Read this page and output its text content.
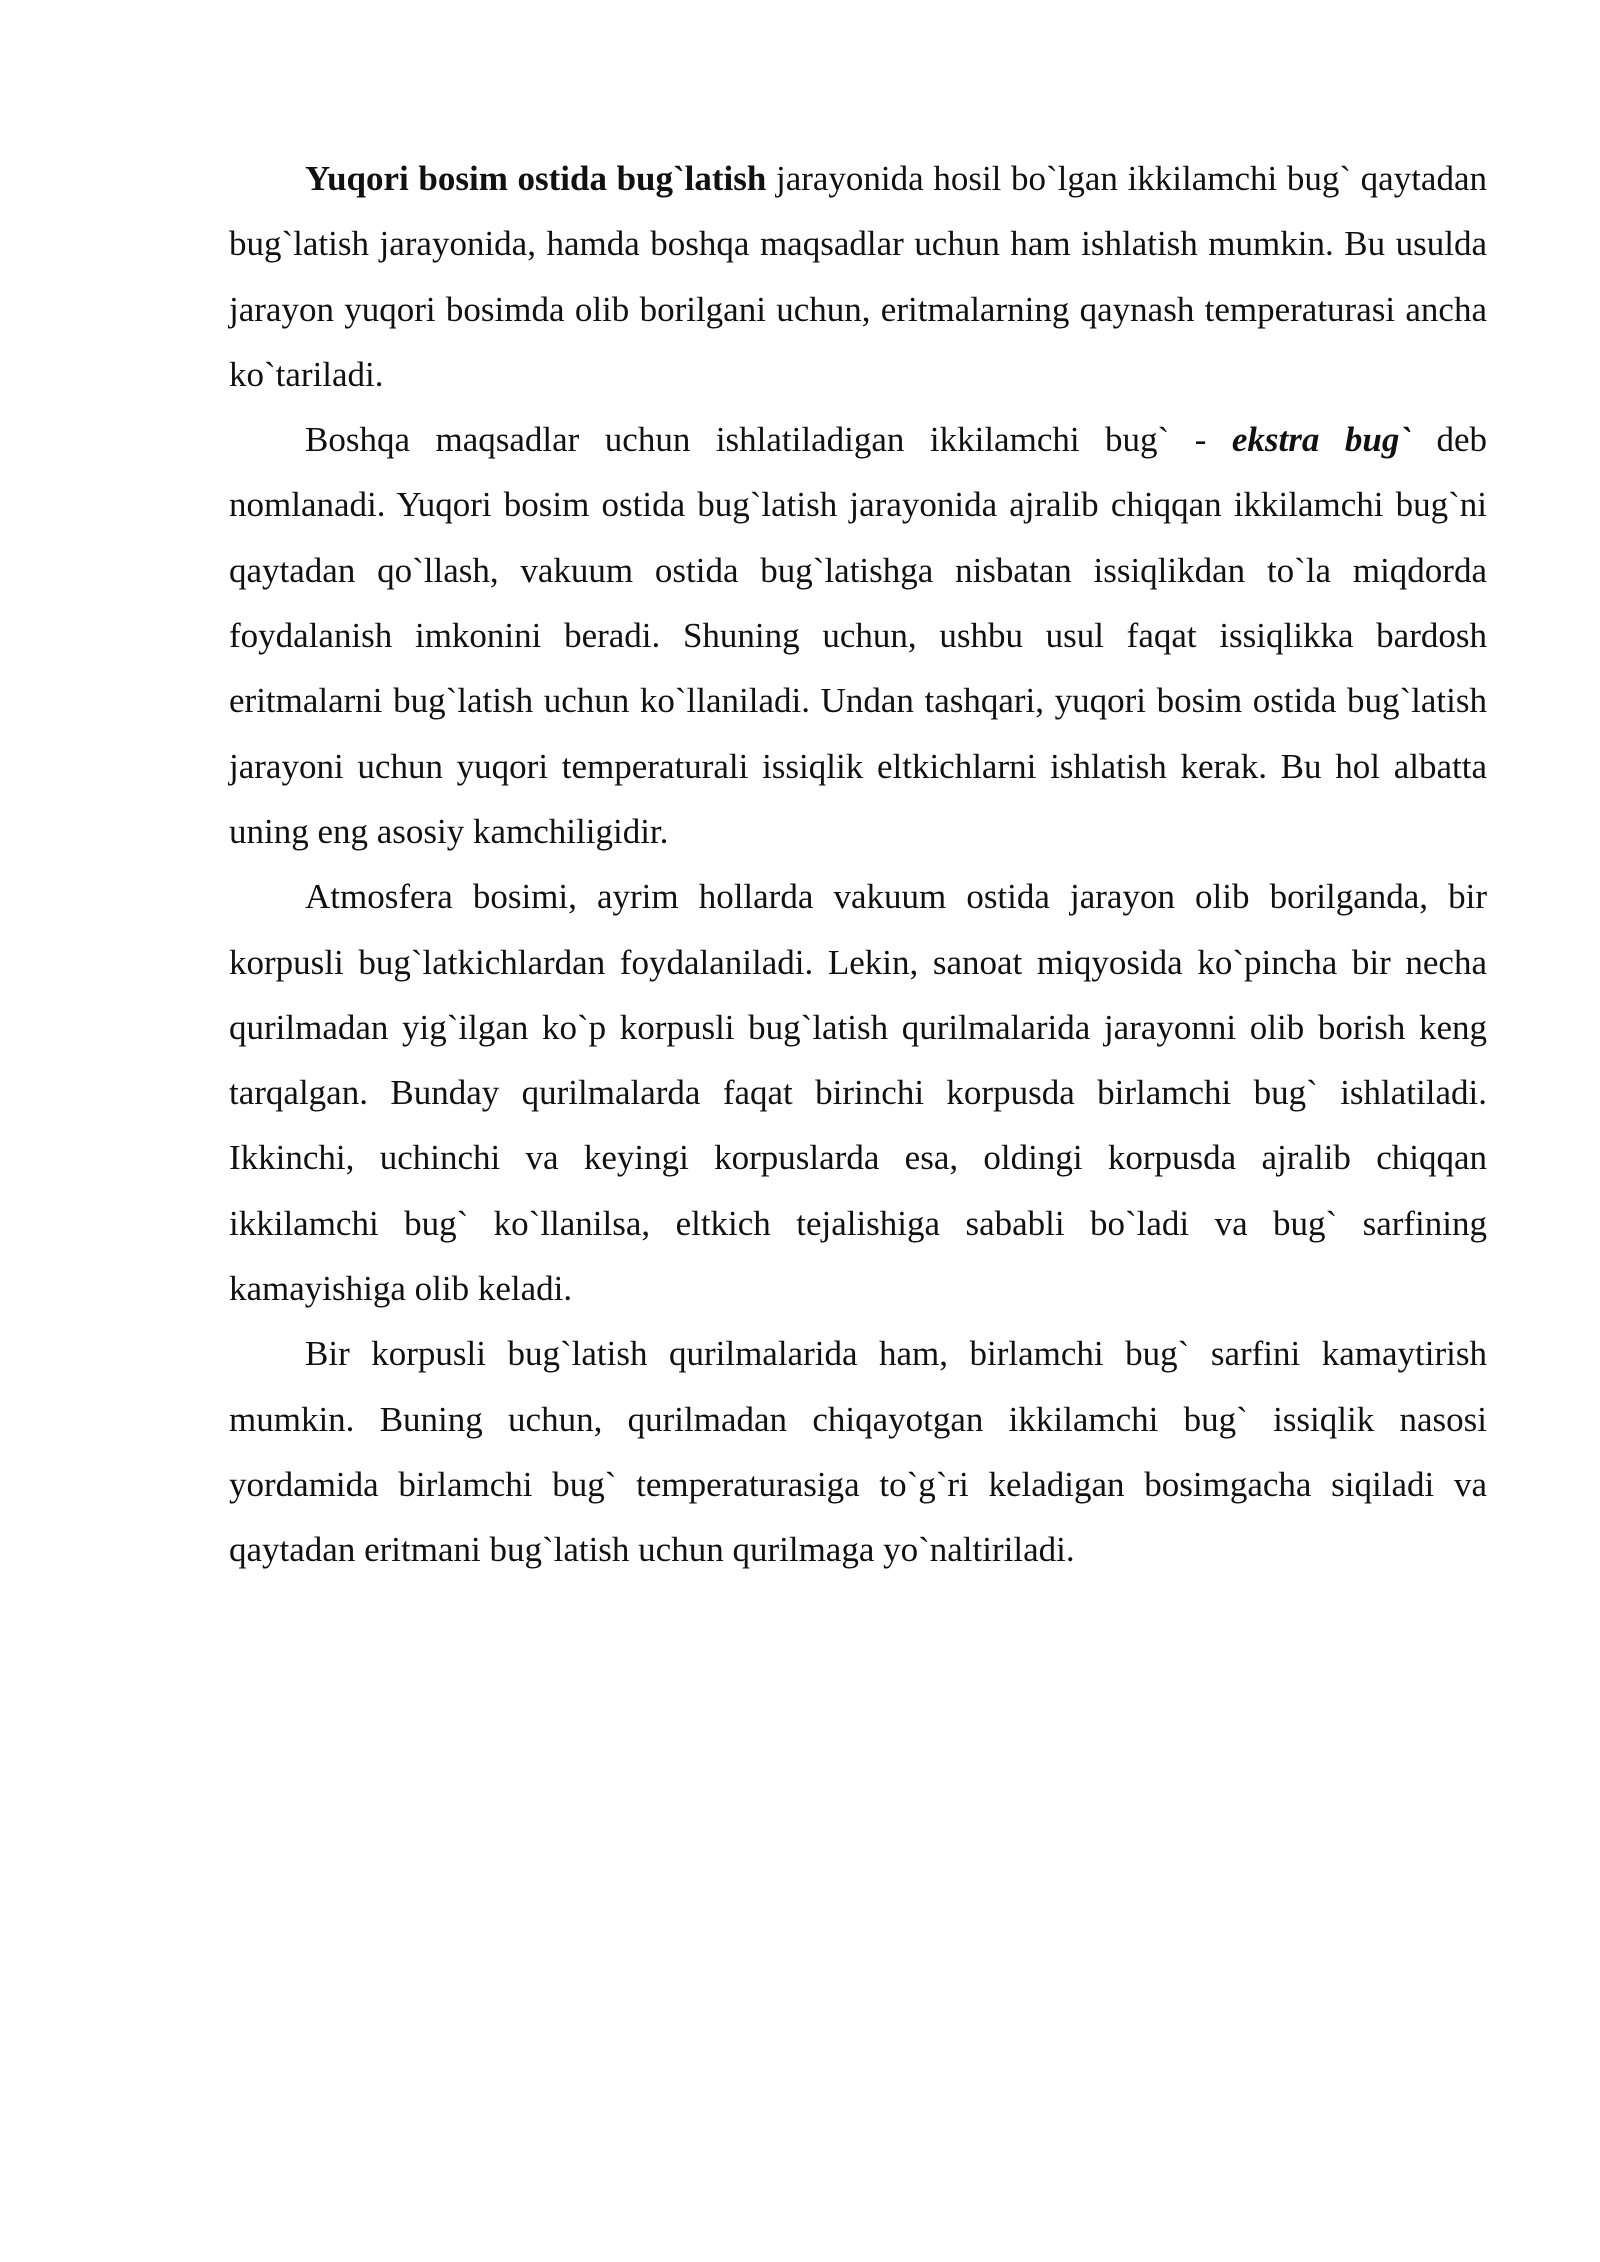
Yuqori bosim ostida bug`latish jarayonida hosil bo`lgan ikkilamchi bug` qaytadan bug`latish jarayonida, hamda boshqa maqsadlar uchun ham ishlatish mumkin. Bu usulda jarayon yuqori bosimda olib borilgani uchun, eritmalarning qaynash temperaturasi ancha ko`tariladi.

Boshqa maqsadlar uchun ishlatiladigan ikkilamchi bug` - ekstra bug` deb nomlanadi. Yuqori bosim ostida bug`latish jarayonida ajralib chiqqan ikkilamchi bug`ni qaytadan qo`llash, vakuum ostida bug`latishga nisbatan issiqlikdan to`la miqdorda foydalanish imkonini beradi. Shuning uchun, ushbu usul faqat issiqlikka bardosh eritmalarni bug`latish uchun ko`llaniladi. Undan tashqari, yuqori bosim ostida bug`latish jarayoni uchun yuqori temperaturali issiqlik eltkichlarni ishlatish kerak. Bu hol albatta uning eng asosiy kamchiligidir.

Atmosfera bosimi, ayrim hollarda vakuum ostida jarayon olib borilganda, bir korpusli bug`latkichlardan foydalaniladi. Lekin, sanoat miqyosida ko`pincha bir necha qurilmadan yig`ilgan ko`p korpusli bug`latish qurilmalarida jarayonni olib borish keng tarqalgan. Bunday qurilmalarda faqat birinchi korpusda birlamchi bug` ishlatiladi. Ikkinchi, uchinchi va keyingi korpuslarda esa, oldingi korpusda ajralib chiqqan ikkilamchi bug` ko`llanilsa, eltkich tejalishiga sababli bo`ladi va bug` sarfining kamayishiga olib keladi.

Bir korpusli bug`latish qurilmalarida ham, birlamchi bug` sarfini kamaytirish mumkin. Buning uchun, qurilmadan chiqayotgan ikkilamchi bug` issiqlik nasosi yordamida birlamchi bug` temperaturasiga to`g`ri keladigan bosimgacha siqiladi va qaytadan eritmani bug`latish uchun qurilmaga yo`naltiriladi.
